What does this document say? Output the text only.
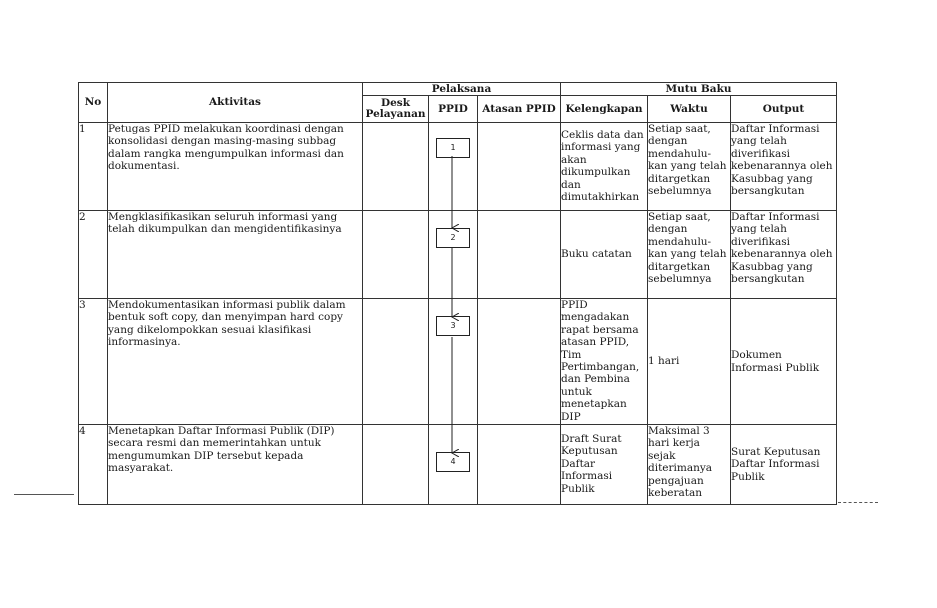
No	Aktivitas	Pelaksana			Mutu Baku		
		Desk Pelayanan	PPID	Atasan PPID	Kelengkapan	Waktu	Output
1	Petugas PPID melakukan koordinasi dengan konsolidasi dengan masing-masing subbag dalam rangka mengumpulkan informasi dan dokumentasi.		1		Ceklis data dan informasi yang akan dikumpulkan dan dimutakhirkan	Setiap saat, dengan mendahulu-kan yang telah ditargetkan sebelumnya	Daftar Informasi yang telah diverifikasi kebenarannya oleh Kasubbag yang bersangkutan
2	Mengklasifikasikan seluruh informasi yang telah dikumpulkan dan mengidentifikasinya		2		Buku catatan	Setiap saat, dengan mendahulu-kan yang telah ditargetkan sebelumnya	Daftar Informasi yang telah diverifikasi kebenarannya oleh Kasubbag yang bersangkutan
3	Mendokumentasikan informasi publik dalam bentuk soft copy, dan menyimpan hard copy yang dikelompokkan sesuai klasifikasi informasinya.		3		PPID mengadakan rapat bersama atasan PPID, Tim Pertimbangan, dan Pembina untuk menetapkan DIP	1 hari	Dokumen Informasi Publik
4	Menetapkan Daftar Informasi Publik (DIP) secara resmi dan memerintahkan untuk mengumumkan DIP tersebut kepada masyarakat.		4		Draft Surat Keputusan Daftar Informasi Publik	Maksimal 3 hari kerja sejak diterimanya pengajuan keberatan	Surat Keputusan Daftar Informasi Publik
